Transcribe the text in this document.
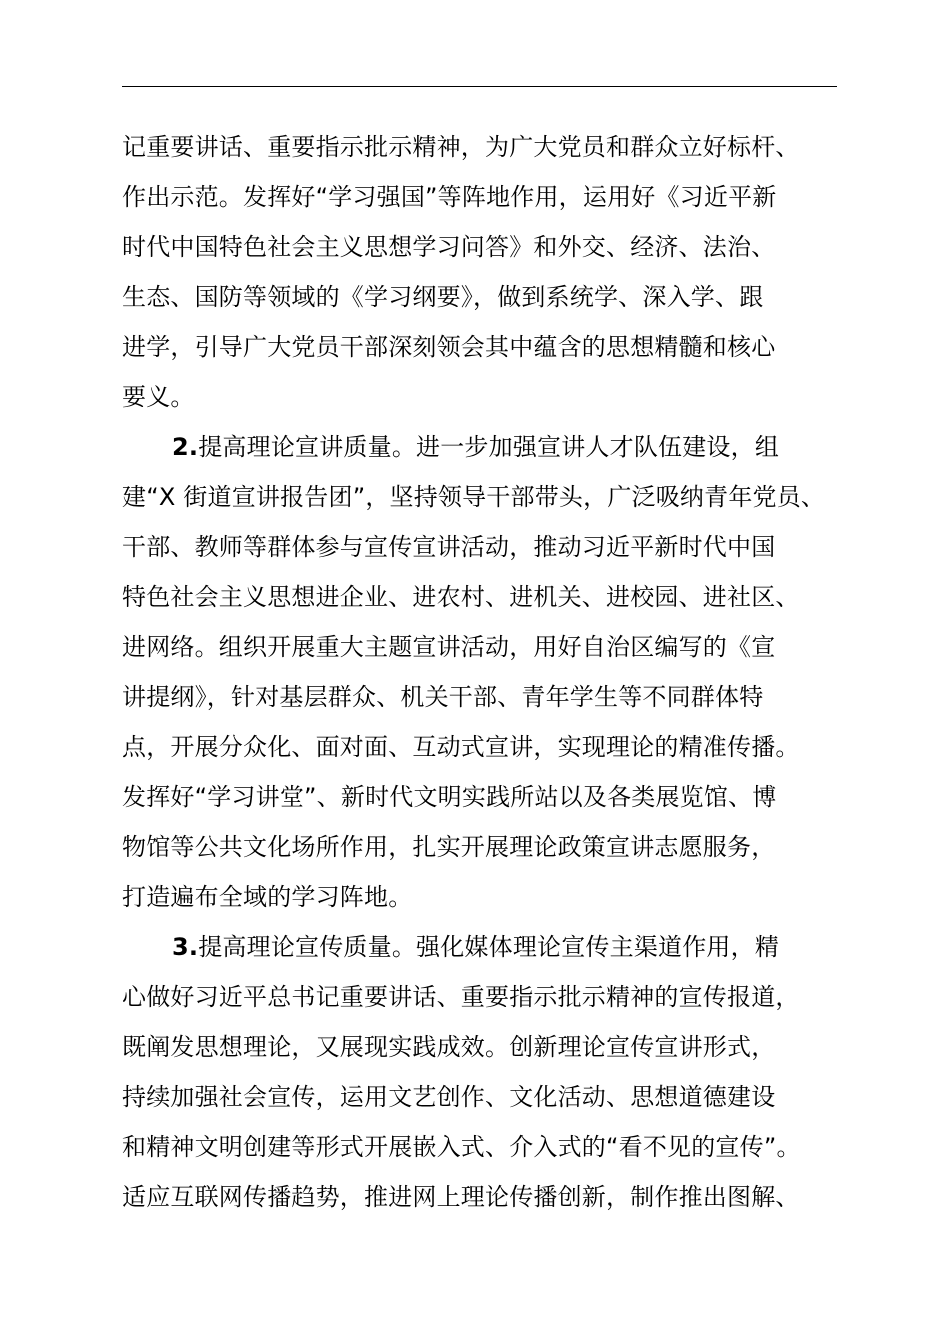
记重要讲话、重要指示批示精神，为广大党员和群众立好标杆、
作出示范。发挥好“学习强国”等阵地作用，运用好《习近平新
时代中国特色社会主义思想学习问答》和外交、经济、法治、
生态、国防等领域的《学习纲要》，做到系统学、深入学、跟
进学，引导广大党员干部深刻领会其中蕴含的思想精髓和核心
要义。
2.提高理论宣讲质量。进一步加强宣讲人才队伍建设，组
建“X 街道宣讲报告团”，坚持领导干部带头，广泛吸纳青年党员、
干部、教师等群体参与宣传宣讲活动，推动习近平新时代中国
特色社会主义思想进企业、进农村、进机关、进校园、进社区、
进网络。组织开展重大主题宣讲活动，用好自治区编写的《宣
讲提纲》，针对基层群众、机关干部、青年学生等不同群体特
点，开展分众化、面对面、互动式宣讲，实现理论的精准传播。
发挥好“学习讲堂”、新时代文明实践所站以及各类展览馆、博
物馆等公共文化场所作用，扎实开展理论政策宣讲志愿服务，
打造遍布全域的学习阵地。
3.提高理论宣传质量。强化媒体理论宣传主渠道作用，精
心做好习近平总书记重要讲话、重要指示批示精神的宣传报道，
既阐发思想理论，又展现实践成效。创新理论宣传宣讲形式，
持续加强社会宣传，运用文艺创作、文化活动、思想道德建设
和精神文明创建等形式开展嵌入式、介入式的“看不见的宣传”。
适应互联网传播趋势，推进网上理论传播创新，制作推出图解、
